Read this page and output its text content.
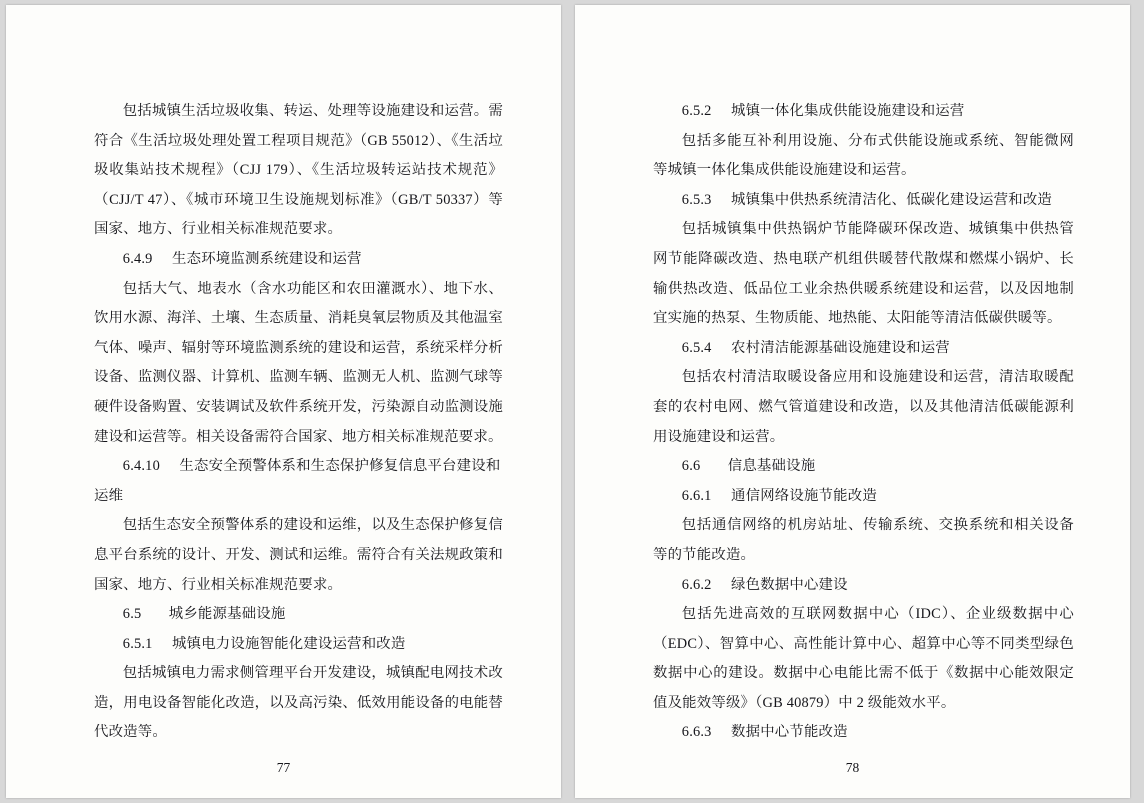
包括城镇生活垃圾收集、转运、处理等设施建设和运营。需符合《生活垃圾处理处置工程项目规范》（GB 55012）、《生活垃圾收集站技术规程》（CJJ 179）、《生活垃圾转运站技术规范》（CJJ/T 47）、《城市环境卫生设施规划标准》（GB/T 50337）等国家、地方、行业相关标准规范要求。

6.4.9 生态环境监测系统建设和运营

包括大气、地表水（含水功能区和农田灌溉水）、地下水、饮用水源、海洋、土壤、生态质量、消耗臭氧层物质及其他温室气体、噪声、辐射等环境监测系统的建设和运营，系统采样分析设备、监测仪器、计算机、监测车辆、监测无人机、监测气球等硬件设备购置、安装调试及软件系统开发，污染源自动监测设施建设和运营等。相关设备需符合国家、地方相关标准规范要求。

6.4.10 生态安全预警体系和生态保护修复信息平台建设和运维

包括生态安全预警体系的建设和运维，以及生态保护修复信息平台系统的设计、开发、测试和运维。需符合有关法规政策和国家、地方、行业相关标准规范要求。

6.5 城乡能源基础设施

6.5.1 城镇电力设施智能化建设运营和改造

包括城镇电力需求侧管理平台开发建设，城镇配电网技术改造，用电设备智能化改造，以及高污染、低效用能设备的电能替代改造等。

77

6.5.2 城镇一体化集成供能设施建设和运营

包括多能互补利用设施、分布式供能设施或系统、智能微网等城镇一体化集成供能设施建设和运营。

6.5.3 城镇集中供热系统清洁化、低碳化建设运营和改造

包括城镇集中供热锅炉节能降碳环保改造、城镇集中供热管网节能降碳改造、热电联产机组供暖替代散煤和燃煤小锅炉、长输供热改造、低品位工业余热供暖系统建设和运营，以及因地制宜实施的热泵、生物质能、地热能、太阳能等清洁低碳供暖等。

6.5.4 农村清洁能源基础设施建设和运营

包括农村清洁取暖设备应用和设施建设和运营，清洁取暖配套的农村电网、燃气管道建设和改造，以及其他清洁低碳能源利用设施建设和运营。

6.6 信息基础设施

6.6.1 通信网络设施节能改造

包括通信网络的机房站址、传输系统、交换系统和相关设备等的节能改造。

6.6.2 绿色数据中心建设

包括先进高效的互联网数据中心（IDC）、企业级数据中心（EDC）、智算中心、高性能计算中心、超算中心等不同类型绿色数据中心的建设。数据中心电能比需不低于《数据中心能效限定值及能效等级》（GB 40879）中 2 级能效水平。

6.6.3 数据中心节能改造

78
